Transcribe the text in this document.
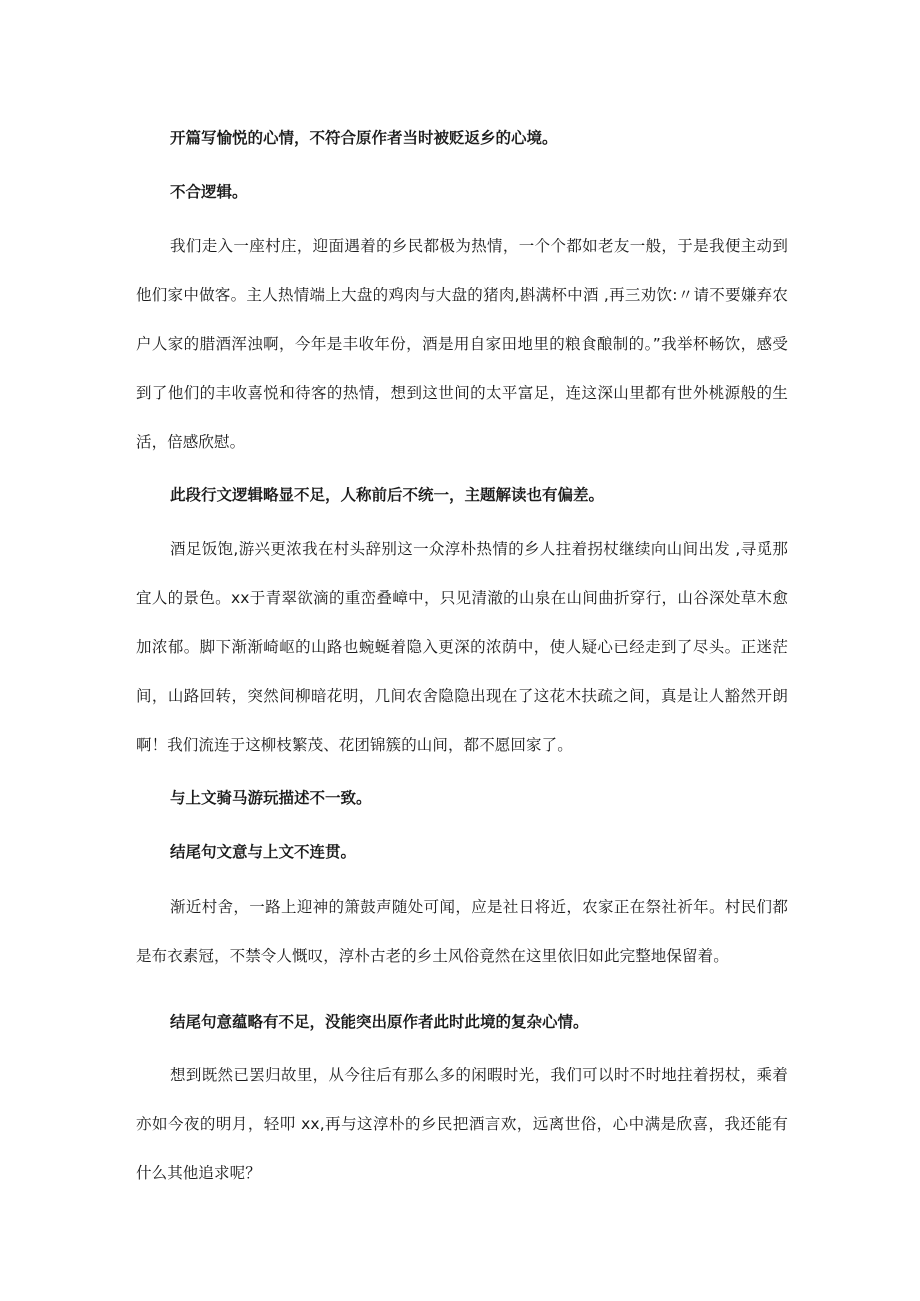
开篇写愉悦的心情，不符合原作者当时被贬返乡的心境。

不合逻辑。

我们走入一座村庄，迎面遇着的乡民都极为热情，一个个都如老友一般，于是我便主动到他们家中做客。主人热情端上大盘的鸡肉与大盘的猪肉,斟满杯中酒 ,再三劝饮:〃请不要嫌弃农户人家的腊酒浑浊啊，今年是丰收年份，酒是用自家田地里的粮食酿制的。”我举杯畅饮，感受到了他们的丰收喜悦和待客的热情，想到这世间的太平富足，连这深山里都有世外桃源般的生活，倍感欣慰。

此段行文逻辑略显不足，人称前后不统一，主题解读也有偏差。

酒足饭饱,游兴更浓我在村头辞别这一众淳朴热情的乡人拄着拐杖继续向山间出发 ,寻觅那宜人的景色。xx于青翠欲滴的重峦叠嶂中，只见清澈的山泉在山间曲折穿行，山谷深处草木愈加浓郁。脚下渐渐崎岖的山路也蜿蜒着隐入更深的浓荫中，使人疑心已经走到了尽头。正迷茫间，山路回转，突然间柳暗花明，几间农舍隐隐出现在了这花木扶疏之间，真是让人豁然开朗啊！我们流连于这柳枝繁茂、花团锦簇的山间，都不愿回家了。

与上文骑马游玩描述不一致。

结尾句文意与上文不连贯。

渐近村舍，一路上迎神的箫鼓声随处可闻，应是社日将近，农家正在祭社祈年。村民们都是布衣素冠，不禁令人慨叹，淳朴古老的乡土风俗竟然在这里依旧如此完整地保留着。

结尾句意蕴略有不足，没能突出原作者此时此境的复杂心情。

想到既然已罢归故里，从今往后有那么多的闲暇时光，我们可以时不时地拄着拐杖，乘着亦如今夜的明月，轻叩 xx,再与这淳朴的乡民把酒言欢，远离世俗，心中满是欣喜，我还能有什么其他追求呢？
